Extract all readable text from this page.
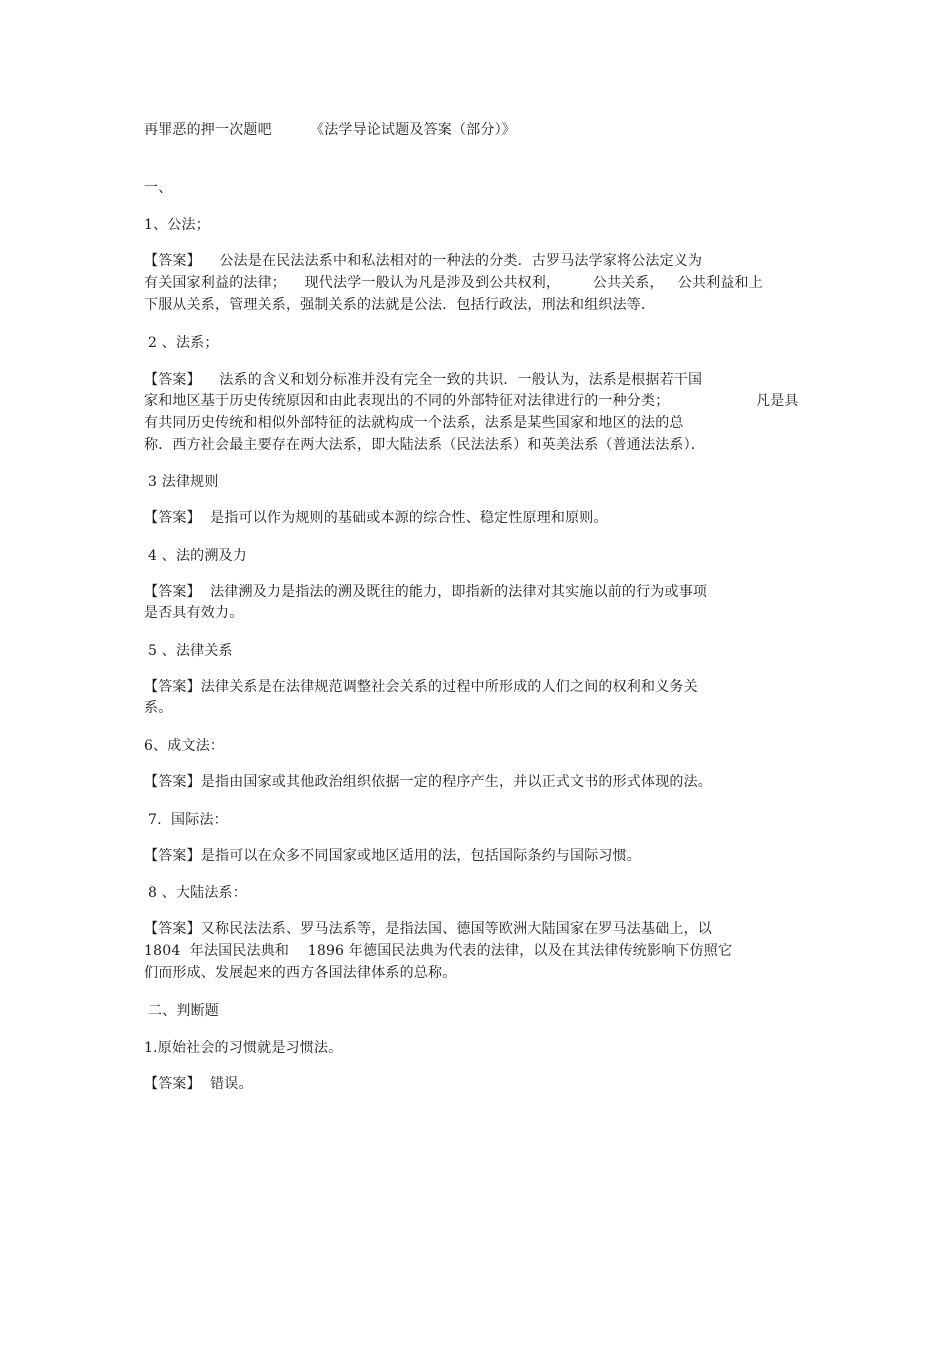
再罪恶的押一次题吧	《法学导论试题及答案（部分）》

一、

1、公法；

【答案】    公法是在民法法系中和私法相对的一种法的分类．古罗马法学家将公法定义为

有关国家利益的法律；    现代法学一般认为凡是涉及到公共权利，       公共关系，   公共利益和上

下服从关系，管理关系，强制关系的法就是公法．包括行政法，刑法和组织法等．

2 、法系；

【答案】    法系的含义和划分标准并没有完全一致的共识．一般认为，法系是根据若干国

家和地区基于历史传统原因和由此表现出的不同的外部特征对法律进行的一种分类；	凡是具

有共同历史传统和相似外部特征的法就构成一个法系，法系是某些国家和地区的法的总

称．西方社会最主要存在两大法系，即大陆法系（民法法系）和英美法系（普通法法系）．

3 法律规则

【答案】  是指可以作为规则的基础或本源的综合性、稳定性原理和原则。

4 、法的溯及力

【答案】  法律溯及力是指法的溯及既往的能力，即指新的法律对其实施以前的行为或事项

是否具有效力。

5 、法律关系

【答案】法律关系是在法律规范调整社会关系的过程中所形成的人们之间的权利和义务关

系。

6、成文法：

【答案】是指由国家或其他政治组织依据一定的程序产生，并以正式文书的形式体现的法。

7.  国际法：

【答案】是指可以在众多不同国家或地区适用的法，包括国际条约与国际习惯。

8 、大陆法系：

【答案】又称民法法系、罗马法系等，是指法国、德国等欧洲大陆国家在罗马法基础上，以

1804  年法国民法典和    1896 年德国民法典为代表的法律，以及在其法律传统影响下仿照它

们而形成、发展起来的西方各国法律体系的总称。

二、判断题

1.原始社会的习惯就是习惯法。

【答案】  错误。
